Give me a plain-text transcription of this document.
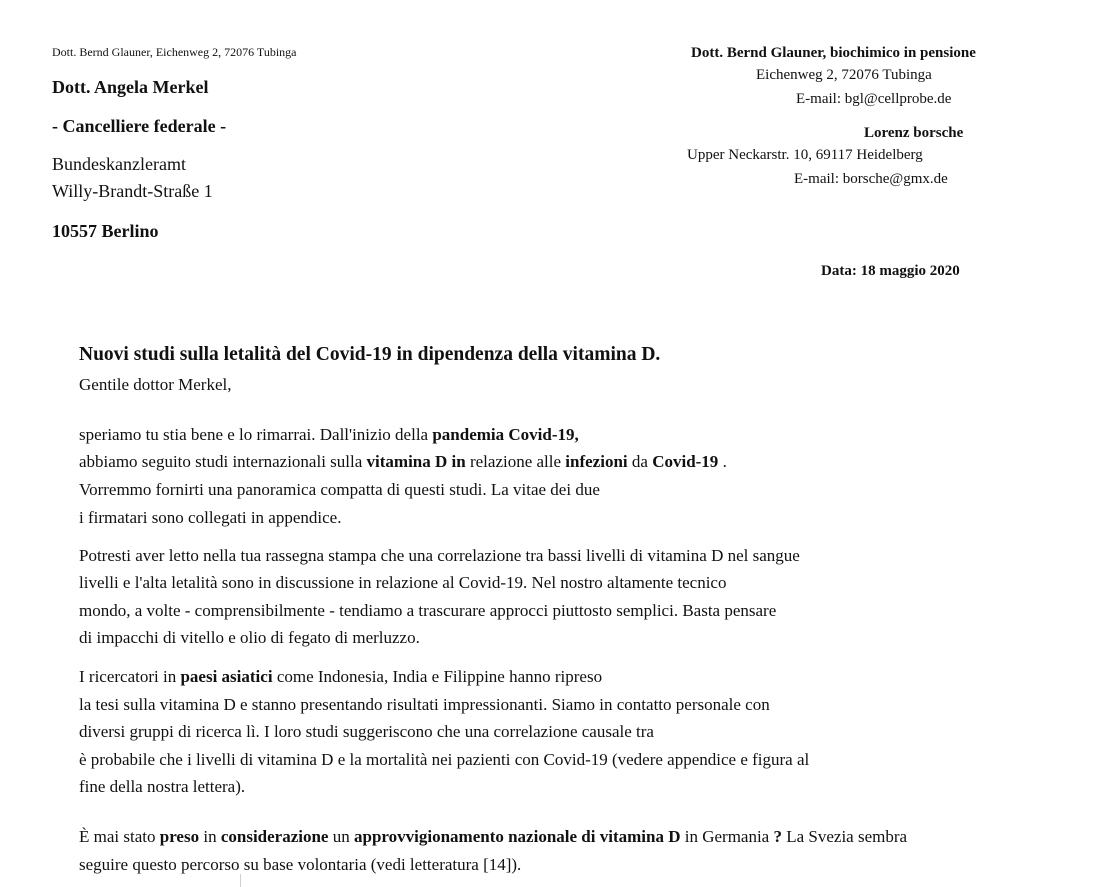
Dott. Bernd Glauner, Eichenweg 2, 72076 Tubinga
Dott. Angela Merkel
- Cancelliere federale -
Bundeskanzleramt
Willy-Brandt-Straße 1
10557 Berlino
Dott. Bernd Glauner, biochimico in pensione
Eichenweg 2, 72076 Tubinga
E-mail: bgl@cellprobe.de
Lorenz borsche
Upper Neckarstr. 10, 69117 Heidelberg
E-mail: borsche@gmx.de
Data: 18 maggio 2020
Nuovi studi sulla letalità del Covid-19 in dipendenza della vitamina D.
Gentile dottor Merkel,
speriamo tu stia bene e lo rimarrai. Dall'inizio della pandemia Covid-19,
abbiamo seguito studi internazionali sulla vitamina D in relazione alle infezioni da Covid-19 .
Vorremmo fornirti una panoramica compatta di questi studi. La vitae dei due
i firmatari sono collegati in appendice.
Potresti aver letto nella tua rassegna stampa che una correlazione tra bassi livelli di vitamina D nel sangue
livelli e l'alta letalità sono in discussione in relazione al Covid-19. Nel nostro altamente tecnico
mondo, a volte - comprensibilmente - tendiamo a trascurare approcci piuttosto semplici. Basta pensare
di impacchi di vitello e olio di fegato di merluzzo.
I ricercatori in paesi asiatici come Indonesia, India e Filippine hanno ripreso
la tesi sulla vitamina D e stanno presentando risultati impressionanti. Siamo in contatto personale con
diversi gruppi di ricerca lì. I loro studi suggeriscono che una correlazione causale tra
è probabile che i livelli di vitamina D e la mortalità nei pazienti con Covid-19 (vedere appendice e figura al
fine della nostra lettera).
È mai stato preso in considerazione un approvvigionamento nazionale di vitamina D in Germania ? La Svezia sembra
seguire questo percorso su base volontaria (vedi letteratura [14]).
